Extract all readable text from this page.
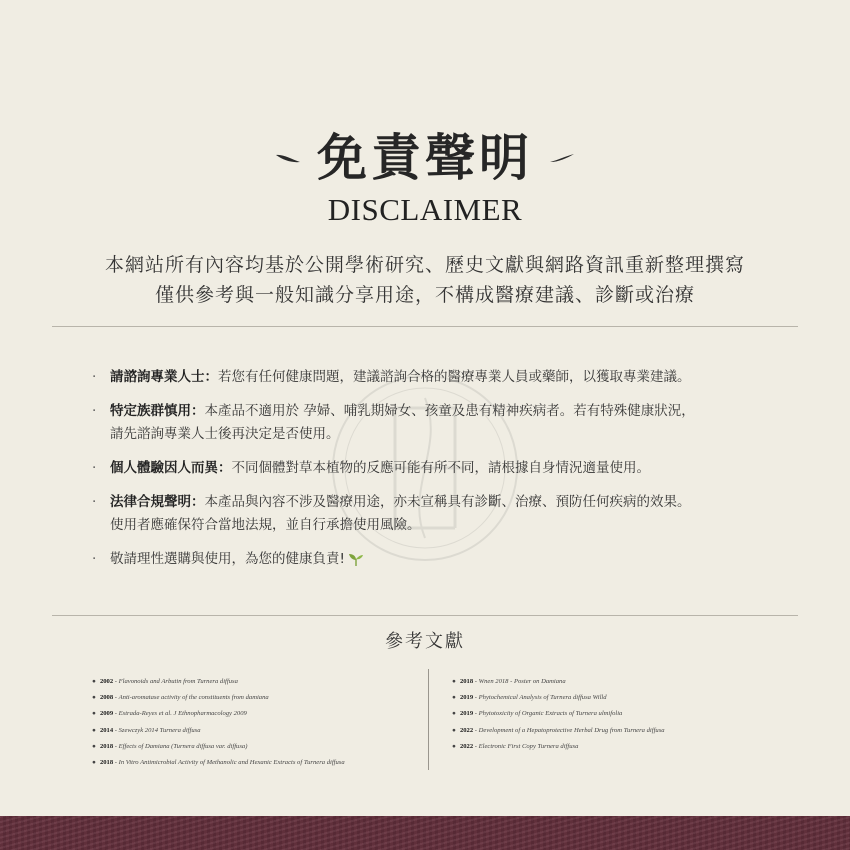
免責聲明
DISCLAIMER
本網站所有內容均基於公開學術研究、歷史文獻與網路資訊重新整理撰寫
僅供參考與一般知識分享用途，不構成醫療建議、診斷或治療
·	請諮詢專業人士：若您有任何健康問題，建議諮詢合格的醫療專業人員或藥師，以獲取專業建議。
·	特定族群慎用：本產品不適用於 孕婦、哺乳期婦女、孩童及患有精神疾病者。若有特殊健康狀況，
請先諮詢專業人士後再決定是否使用。
·	個人體驗因人而異：不同個體對草本植物的反應可能有所不同，請根據自身情況適量使用。
·	法律合規聲明：本產品與內容不涉及醫療用途，亦未宣稱具有診斷、治療、預防任何疾病的效果。
使用者應確保符合當地法規，並自行承擔使用風險。
·	敬請理性選購與使用，為您的健康負責!
參考文獻
● 2002 - Flavonoids and Arbutin from Turnera diffusa
● 2008 - Anti-aromatase activity of the constituents from damiana
● 2009 - Estrada-Reyes et al. J Ethnopharmacology 2009
● 2014 - Szewczyk 2014 Turnera diffusa
● 2018 - Effects of Damiana (Turnera diffusa var. diffusa)
● 2018 - In Vitro Antimicrobial Activity of Methanolic and Hexanic Extracts of Turnera diffusa
● 2018 - Wnen 2018 - Poster on Damiana
● 2019 - Phytochemical Analysis of Turnera diffusa Willd
● 2019 - Phytotoxicity of Organic Extracts of Turnera ulmifolia
● 2022 - Development of a Hepatoprotective Herbal Drug from Turnera diffusa
● 2022 - Electronic First Copy Turnera diffusa
